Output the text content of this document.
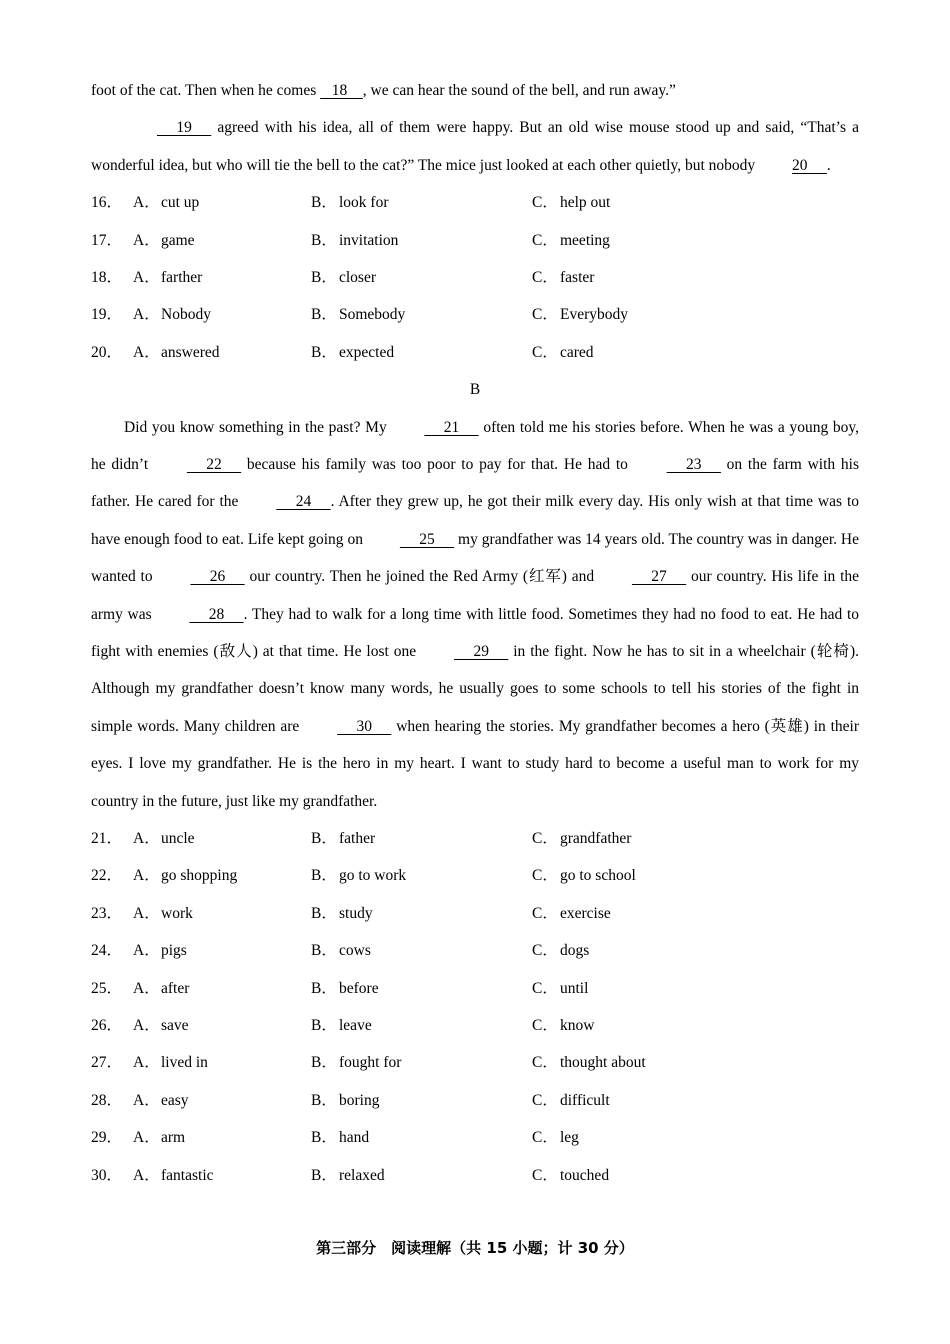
foot of the cat. Then when he comes    18    , we can hear the sound of the bell, and run away.”

19      agreed with his idea, all of them were happy. But an old wise mouse stood up and said, “That’s a wonderful idea, but who will tie the bell to the cat?” The mice just looked at each other quietly, but nobody 20     .

16． A． cut up	B． look for	C． help out
17． A． game	B． invitation	C． meeting
18． A． farther	B． closer	C． faster
19． A． Nobody	B． Somebody	C． Everybody
20． A． answered	B． expected	C． cared
B

Did you know something in the past? My      21      often told me his stories before. When he was a young boy, he didn’t      22      because his family was too poor to pay for that. He had to      23      on the farm with his father. He cared for the      24     . After they grew up, he got their milk every day. His only wish at that time was to have enough food to eat. Life kept going on      25      my grandfather was 14 years old. The country was in danger. He wanted to      26      our country. Then he joined the Red Army (红军) and      27      our country. His life in the army was      28     . They had to walk for a long time with little food. Sometimes they had no food to eat. He had to fight with enemies (敌人) at that time. He lost one      29      in the fight. Now he has to sit in a wheelchair (轮椅). Although my grandfather doesn’t know many words, he usually goes to some schools to tell his stories of the fight in simple words. Many children are      30      when hearing the stories. My grandfather becomes a hero (英雄) in their eyes. I love my grandfather. He is the hero in my heart. I want to study hard to become a useful man to work for my country in the future, just like my grandfather.

21． A． uncle	B． father	C． grandfather
22． A． go shopping	B． go to work	C． go to school
23． A． work	B． study	C． exercise
24． A． pigs	B． cows	C． dogs
25． A． after	B． before	C． until
26． A． save	B． leave	C． know
27． A． lived in	B． fought for	C． thought about
28． A． easy	B． boring	C． difficult
29． A． arm	B． hand	C． leg
30． A． fantastic	B． relaxed	C． touched
第三部分　阅读理解（共 15 小题；计 30 分）
